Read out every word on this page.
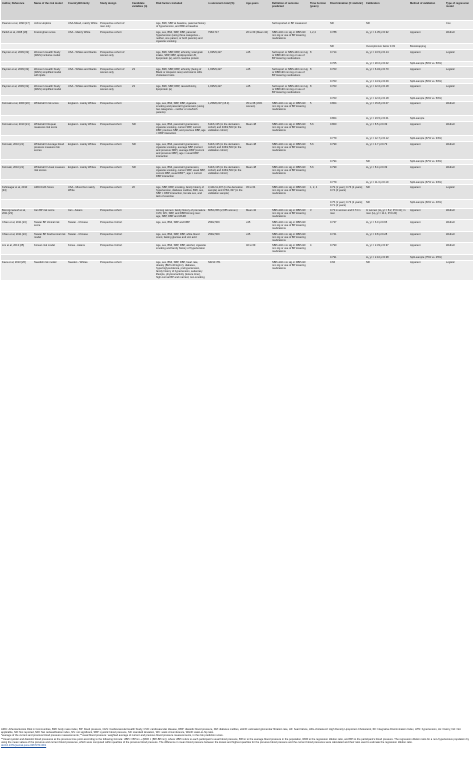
Author, Reference	Name of the risk model	Country/Ethnicity	Study design	Candidate variables (n)	Risk factors included	n outcome/n total (%)	Age-years	Definition of outcome predicted	Time horizon (years)	Discrimination (C statistic)	Calibration	Method of validation	Type of regression model
Pearson et al, 1990 [17]	Johns Hopkins	USA-Mixed, mainly White	Prospective cohort of men only		Age, BMI, SBP at baseline, paternal history of hypertension, and BMI at baseline			Self-reported or BP measured		NR	NR		Cox
Parikh et al, 2008 [18]	Framingham score	USA - Mainly White	Prospective cohort		Age, sex, BMI, SBP, DBP, parental hypertension (using three categories – neither, one parent, or both parents) and cigarette smoking	796/1717	20 to 69 (Mean 42)	SBP≥140 mm Hg or DBP≥90 mm Hg or use of BP lowering medications	1,2,4	0.788	H₀ χ² = 4.35 p=0.92	Apparent	Weibull
										NR	Overoptimism factor 0.03	Bootstrapping	
Paynter et al, 2009 [19]	Women's Health Study (WHS) inclusive model	USA - Whites and blacks	Prospective cohort of women only		Age, BMI, SBP, DBP, ethnicity, total grain intake, SBP, DBP, apolipoprotein B, lipoprotein (a), and C-reactive protein	1,935/9,427	≥45	Self-report or SBP≥140 mm Hg or DBP≥90 mm Hg or use of BP lowering medications	8	0.714	H₀ χ² = 13.5 p=0.14	Apparent	Logistic
										0.705	H₀ χ² = 20.0 p=0.02	Split-sample (50% vs. 50%)	
Paynter et al, 2009 [19]	Women's Health Study (WHS) simplified model with lipids	USA - Whites and blacks	Prospective cohort of women only	23	Age, BMI, SBP, DBP, ethnicity (being of Black or Hispanic race) and total to HDL cholesterol ratio	1,935/9,427	≥45	Self-report or SBP≥140 mm Hg or DBP≥90 mm Hg or use of BP lowering medications	8	0.703	H₀ χ² = 6.34 p=0.70	Apparent	Logistic
										0.703	H₀ χ² = 14.9 p=0.09	Split-sample (50% vs. 50%)	
Paynter et al, 2009 [19]	Women's Health Study (WHS) simplified model	USA - Whites and blacks	Prospective cohort women only	23	Age, BMI, SBP, DBP, race/ethnicity, lipoprotein (a)	1,935/9,427	≥45	Self-report or SBP≥140 mm Hg or DBP≥90 mm Hg or use of BP lowering medications	8	0.703	H₀ χ² = 12.6 p=0.18	Apparent	Logistic
										0.703	H₀ χ² = 12.6 p=0.18	Split-sample (50% vs. 50%)	
Kivimaki et al, 2009 [20]	Whitehall II risk score	England - mainly Whites	Prospective cohort		Age, sex, BMI, SBP, DBP, cigarette smoking and parental hypertension (using two categories – neither or one/both parents)	1,258/8,207 (15.3)	35 to 68 (33% women)	SBP≥140 mm Hg or DBP≥90 mm Hg or use of BP lowering medications	5	0.804	H₀ χ² = 15.8 p=0.07	Apparent	Weibull
										0.804	H₀ χ² = 23.5 p=0.01	Split-sample	
Kivimaki et al, 2010 [21]	Whitehall II Repeat measures risk score	England - mainly Whites	Prospective/cohort	NR	Age, sex, BMI, parental hypertension, cigarette smoking, current SBP, current DBP, previous SBP, and previous DBP, age × DBP interaction	614/6,135 (in the derivation cohort) and 436/2,563 (in the validation cohort)	Mean 48	SBP≥140 mm Hg or DBP≥90 mm Hg or use of BP lowering medications	5.6	0.800	H₀ χ² = 8.5 p=0.39	Apparent	Weibull
										0.779	H₀ χ² = 12.7 p=0.12	Split-sample (67% vs. 33%)	
Kivimaki, 2010 [21]	Whitehall II Average blood pressure measure risk scores	England - mainly Whites	Prospective cohort	NR	Age, sex, BMI, parental hypertension, cigarette smoking, average SBP (current and previous SBP), average DBP (current and previous DBP), age × usual DBP interaction	614/6,135 (in the derivation cohort) and 436/2,563 (in the validation cohort)	Mean 48	SBP≥140 mm Hg or DBP≥90 mm Hg or use of BP lowering medications	5.6	0.799	H₀ χ² = 4.7 p=0.79	Apparent	Weibull
										0.794	NR	Split-sample (67% vs. 33%)	
Kivimaki, 2010 [21]	Whitehall II Usual measure risk scores	England - mainly Whites	Prospective cohort	NR	Age, sex, BMI, parental hypertension, cigarette smoking, current SBP, usual SBP, current DBP, usual DBP *, age × current DBP interaction	614/6,135 (in the derivation cohort) and 436/2,563 (in the validation cohort)	Mean 48	SBP≥140 mm Hg or DBP≥90 mm Hg or use of BP lowering medications	5.6	0.799	H₀ χ² = 8.4 p=0.39	Apparent	Weibull
										0.779	H₀ χ² = 11.3 p=0.19	Split-sample (67% vs. 33%)	
Kshirsagar et al, 2010 [24]	ARIC/CHS Score	USA - Mixed but mainly White	Prospective cohort	20	Age, SBP, DBP, smoking, family history of hypertension, diabetes mellitus, BMI, sex, SBP × DBP interaction, female sex, and lack of exercise	3,441/11,407 (in the derivation sample) and 476/1,337 (in the validation sample)	45 to 64	SBP≥140 mm Hg or DBP≥90 mm Hg or use of BP lowering medications	1, 2, 4	0.79 (1 year); 0.76 (2 years); 0.74 (4 years)	NR	Apparent	Logistic
										0.75 (1 year); 0.73 (2 years); 0.71 (4 years)	NR	Split-sample (60% vs. 40%)	
Bozorgmanesh et al, 2011 [23]	Iran BP risk score	Iran - Asians	Prospective cohort		Among women: family history of premature CVD, WC, SBP, and DBP/Among men: age, SBP, DBP and WHtR	805/4,656 (2,655 women)	Mean 42	SBP≥140 mm Hg or DBP≥90 mm Hg or use of BP lowering medications	3	0.73 in women and 0.74 in men	In women (H₀-χ² = 8.2, P=0.41); in men (H₀-χ² = 11.1, P=0.20)	Apparent	Weibull
Chien et al, 2011 [24]	Taiwan BP clinical risk score	Taiwan - Chinese	Prospective Cohort		Age, sex, BMI, SBP and DBP	259/2,509	≥35	SBP≥140 mm Hg or DBP≥90 mm Hg or use of BP lowering medications		0.737	H₀ χ² = 6.0 p=0.65	Apparent	Weibull
Chien et al, 2011 [24]	Taiwan BP biochemical risk model	Taiwan - Chinese	Prospective Cohort		Age, sex, BMI, SBP, DBP, white blood count, fasting glucose and uric acid	259/2,509	≥35	SBP≥140 mm Hg or DBP≥90 mm Hg or use of BP lowering medications		0.741	H₀ χ² = 9.8 p=0.28	Apparent	Weibull
Lim et al, 2013 [25]	Korean risk model	Korea - Asians	Prospective Cohort		Age, sex, BMI, SBP, DBP, alcohol, cigarette smoking and family history of hypertension		40 to 69	SBP≥140 mm Hg or DBP≥90 mm Hg or use of BP lowering medications	4	0.790	H₀ χ² = 2.33 p=0.97	Apparent	Weibull
										0.791	H₀ χ² = 2.10 p=0.98	Split-sample (75% vs. 25%)	
Fava et al, 2013 [26]	Swedish risk model	Sweden - Whites	Prospective cohort		Age, sex, BMI, SBP, DBP, heart rate, obesity (BMI ≥30 kg/m²), diabetes, hypertriglyceridemia, prehypertension, family history of hypertension, sedentary lifestyle, physical activity (leisure time), high-normal BP and married, non-smoking	NR/10 781		SBP≥140 mm Hg or DBP≥90 mm Hg or use of BP lowering medications		0.66	NR	Apparent	Logistic

ARIC: Atherosclerosis Risk in Communities, BMI: body mass index, BP: blood pressure, CHS: Cardiovascular Health Study, CVD: cardiovascular disease, DBP: diastolic blood pressure, DM: diabetes mellitus, eGFR: estimated glomerular filtration rate, HF: heart failure, HDL-cholesterol: High Density Lipoprotein Cholesterol, IDI: Integrative Discrimination Index, HTN: hypertension, Hx: history, NA: Not applicable, NR: Not reported, NRI: Net reclassification index, NS: not significant, SBP: systolic blood pressure, SD: standard deviation, WC: waist circumference, WHtR: waist-to-hip ratio.

*average of the current and previous blood pressure measurements; **usual blood pressure: weighted average of current and previous blood pressure measurements, in the risk prediction score.

**Usual systolic and diastolic blood pressures at the previous time point according to the following formula: UBPi = BPmn + (RDR × (BPi-BPmn)), where UBPi refers to each participant's usual blood pressure, BPmn to the average blood pressure in the population, RDR to the regression dilution ratio, and BPi to the participant's blood pressure. The regression dilution ratio for a non-hypertensive population by using the mean values of the previous and current blood pressures, which were computed within quartiles of the previous blood pressure. The difference in mean blood pressure between the lowest and highest quartiles for the previous blood pressure and the current blood pressures were calculated and their ratio used to estimate the regression dilution ratio.

doi:10.1371/journal.pone.0067370.t001
